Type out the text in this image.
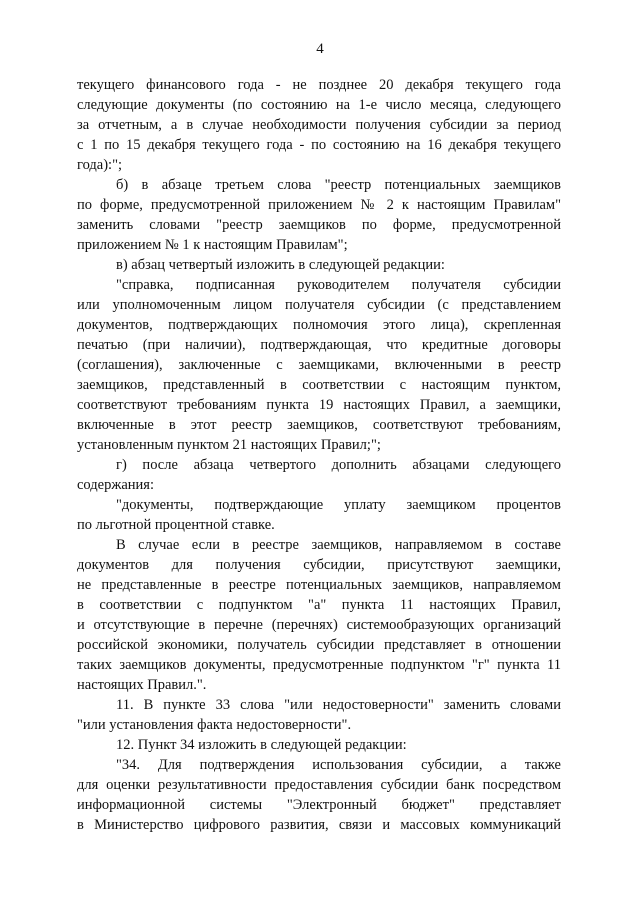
4
текущего финансового года - не позднее 20 декабря текущего года
следующие документы (по состоянию на 1-е число месяца, следующего
за отчетным, а в случае необходимости получения субсидии за период
с 1 по 15 декабря текущего года - по состоянию на 16 декабря текущего
года):";
б) в абзаце третьем слова "реестр потенциальных заемщиков
по форме, предусмотренной приложением № 2 к настоящим Правилам"
заменить словами "реестр заемщиков по форме, предусмотренной
приложением № 1 к настоящим Правилам";
в) абзац четвертый изложить в следующей редакции:
"справка, подписанная руководителем получателя субсидии
или уполномоченным лицом получателя субсидии (с представлением
документов, подтверждающих полномочия этого лица), скрепленная
печатью (при наличии), подтверждающая, что кредитные договоры
(соглашения), заключенные с заемщиками, включенными в реестр
заемщиков, представленный в соответствии с настоящим пунктом,
соответствуют требованиям пункта 19 настоящих Правил, а заемщики,
включенные в этот реестр заемщиков, соответствуют требованиям,
установленным пунктом 21 настоящих Правил;";
г) после абзаца четвертого дополнить абзацами следующего
содержания:
"документы, подтверждающие уплату заемщиком процентов
по льготной процентной ставке.
В случае если в реестре заемщиков, направляемом в составе
документов для получения субсидии, присутствуют заемщики,
не представленные в реестре потенциальных заемщиков, направляемом
в соответствии с подпунктом "а" пункта 11 настоящих Правил,
и отсутствующие в перечне (перечнях) системообразующих организаций
российской экономики, получатель субсидии представляет в отношении
таких заемщиков документы, предусмотренные подпунктом "г" пункта 11
настоящих Правил.".
11. В пункте 33 слова "или недостоверности" заменить словами
"или установления факта недостоверности".
12. Пункт 34 изложить в следующей редакции:
"34. Для подтверждения использования субсидии, а также
для оценки результативности предоставления субсидии банк посредством
информационной системы "Электронный бюджет" представляет
в Министерство цифрового развития, связи и массовых коммуникаций
